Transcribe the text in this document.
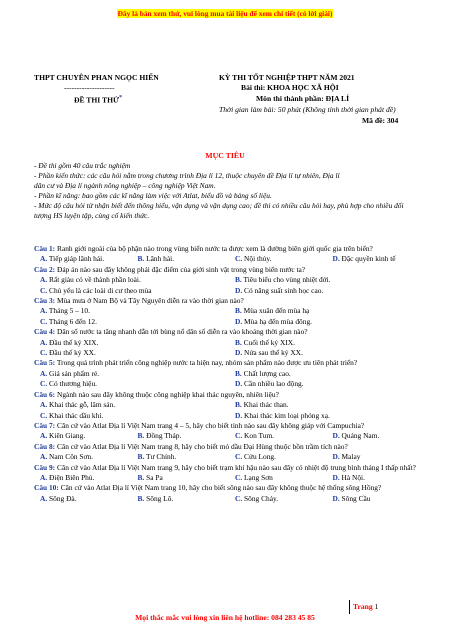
Đây là bản xem thử, vui lòng mua tài liệu để xem chi tiết (có lời giải)
THPT CHUYÊN PHAN NGỌC HIỂN
--------------------
ĐỀ THI THỬ*
KỲ THI TỐT NGHIỆP THPT NĂM 2021
Bài thi: KHOA HỌC XÃ HỘI
Môn thi thành phần: ĐỊA LÍ
Thời gian làm bài: 50 phút (Không tính thời gian phát đề)
Mã đề: 304
MỤC TIÊU

- Đề thi gồm 40 câu trắc nghiệm

- Phần kiến thức: các câu hỏi nằm trong chương trình Địa lí 12, thuộc chuyên đề Địa lí tự nhiên, Địa lí

dân cư và Địa lí ngành nông nghiệp – công nghiệp Việt Nam.

- Phần kĩ năng: bao gồm các kĩ năng làm việc với Atlat, biểu đồ và bảng số liệu.

- Mức độ câu hỏi từ nhận biết đến thông hiểu, vận dụng và vận dụng cao; đề thi có nhiều câu hỏi hay, phù hợp cho nhiều đối tượng HS luyện tập, củng cố kiến thức.

Câu 1: Ranh giới ngoài của bộ phận nào trong vùng biển nước ta được xem là đường biên giới quốc gia trên biển?

A. Tiếp giáp lãnh hải.	B. Lãnh hải.	C. Nội thủy.	D. Đặc quyền kinh tế

Câu 2: Đáp án nào sau đây không phải đặc điểm của giới sinh vật trong vùng biển nước ta?

A. Rất giàu có về thành phần loài.	B. Tiêu biểu cho vùng nhiệt đới.
C. Chủ yếu là các loài di cư theo mùa	D. Có năng suất sinh học cao.

Câu 3: Mùa mưa ở Nam Bộ và Tây Nguyên diễn ra vào thời gian nào?

A. Tháng 5 – 10.	B. Mùa xuân đến mùa hạ
C. Tháng 6 đến 12.	D. Mùa hạ đến mùa đông.

Câu 4: Dân số nước ta tăng nhanh dẫn tới bùng nổ dân số diễn ra vào khoảng thời gian nào?

A. Đầu thế kỷ XIX.	B. Cuối thế kỷ XIX.
C. Đầu thế kỷ XX.	D. Nửa sau thế kỷ XX.

Câu 5: Trong quá trình phát triển công nghiệp nước ta hiện nay, nhóm sản phẩm nào được ưu tiên phát triển?

A. Giá sản phẩm rẻ.	B. Chất lượng cao.
C. Có thương hiệu.	D. Cần nhiều lao động.

Câu 6: Ngành nào sau đây không thuộc công nghiệp khai thác nguyên, nhiên liệu?

A. Khai thác gỗ, lâm sản.	B. Khai thác than.
C. Khai thác dầu khí.	D. Khai thác kim loại phóng xạ.

Câu 7: Căn cứ vào Atlat Địa lí Việt Nam trang 4 – 5, hãy cho biết tỉnh nào sau đây không giáp với Campuchia?

A. Kiên Giang.	B. Đồng Tháp.	C. Kon Tum.	D. Quảng Nam.

Câu 8: Căn cứ vào Atlat Địa lí Việt Nam trang 8, hãy cho biết mỏ dầu Đại Hùng thuộc bồn trầm tích nào?

A. Nam Côn Sơn.	B. Tư Chính.	C. Cửu Long.	D. Malay

Câu 9: Căn cứ vào Atlat Địa lí Việt Nam trang 9, hãy cho biết trạm khí hậu nào sau đây có nhiệt độ trung bình tháng I thấp nhất?

A. Điện Biên Phủ.	B. Sa Pa	C. Lạng Sơn	D. Hà Nội.

Câu 10: Căn cứ vào Atlat Địa lí Việt Nam trang 10, hãy cho biết sông nào sau đây không thuộc hệ thống sông Hồng?

A. Sông Đà.	B. Sông Lô.	C. Sông Chảy.	D. Sông Cầu
Trang 1
Mọi thắc mắc vui lòng xin liên hệ hotline: 084 283 45 85
